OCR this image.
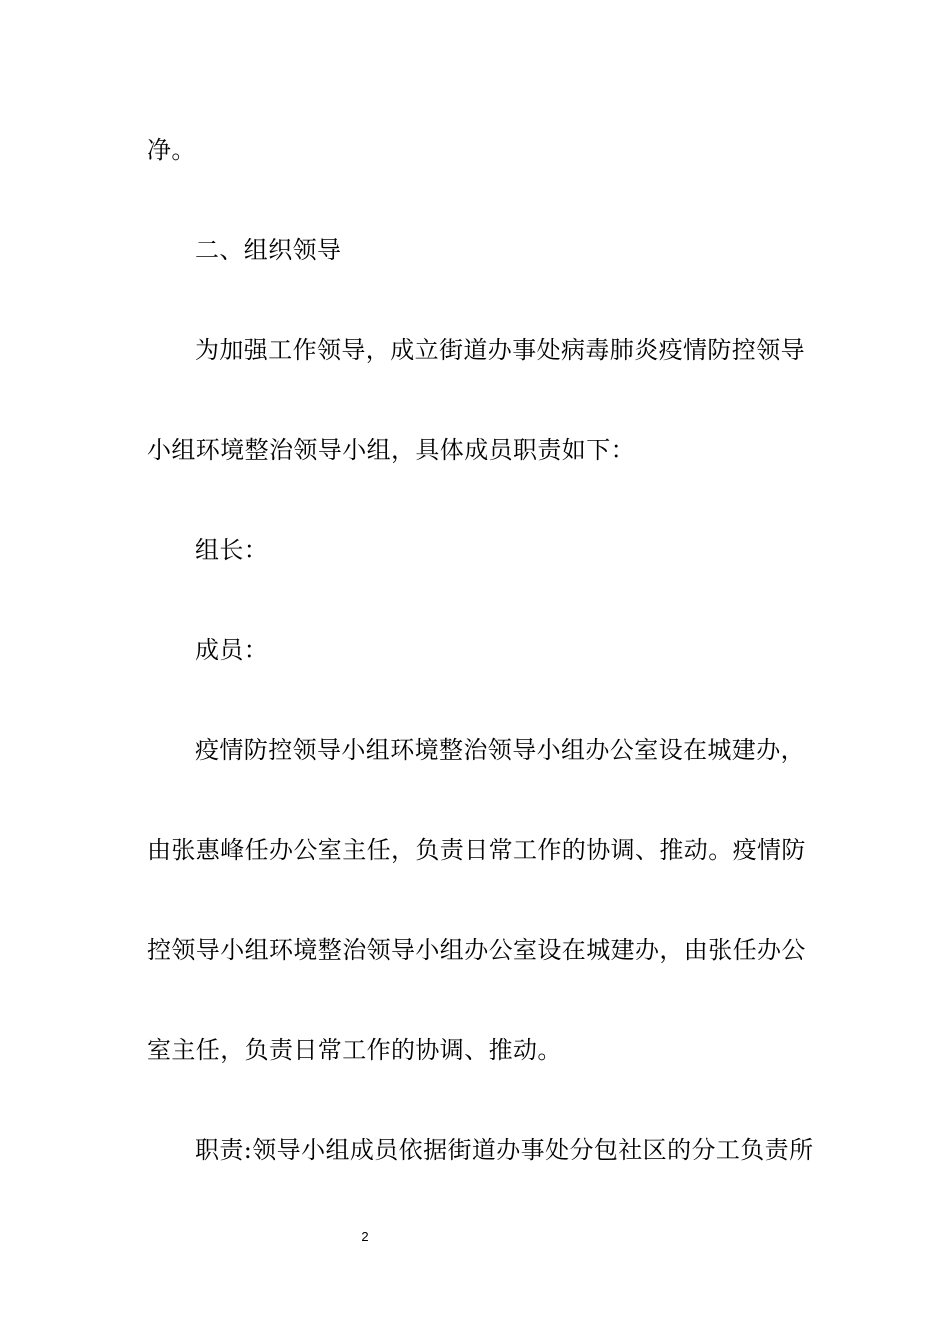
净。
二、组织领导
为加强工作领导，成立街道办事处病毒肺炎疫情防控领导
小组环境整治领导小组，具体成员职责如下：
组长：
成员：
疫情防控领导小组环境整治领导小组办公室设在城建办，
由张惠峰任办公室主任，负责日常工作的协调、推动。疫情防
控领导小组环境整治领导小组办公室设在城建办，由张任办公
室主任，负责日常工作的协调、推动。
职责:领导小组成员依据街道办事处分包社区的分工负责所
2
